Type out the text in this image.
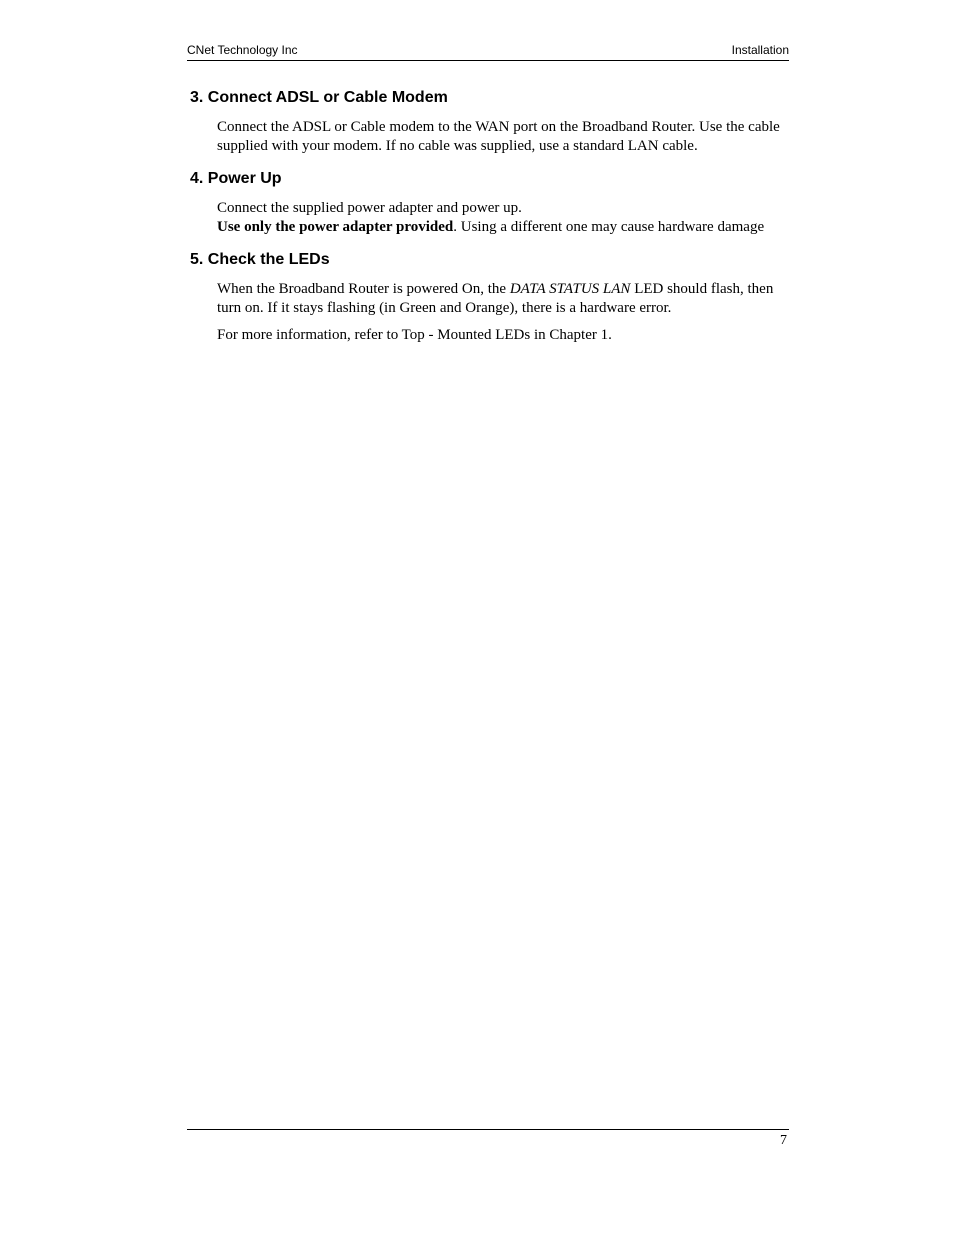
CNet Technology Inc	Installation
3. Connect ADSL or Cable Modem

Connect the ADSL or Cable modem to the WAN port on the Broadband Router. Use the cable supplied with your modem. If no cable was supplied, use a standard LAN cable.

4. Power Up

Connect the supplied power adapter and power up.
Use only the power adapter provided. Using a different one may cause hardware damage

5. Check the LEDs

When the Broadband Router is powered On, the DATA STATUS LAN LED should flash, then turn on. If it stays flashing (in Green and Orange), there is a hardware error.

For more information, refer to Top - Mounted LEDs in Chapter 1.

7
